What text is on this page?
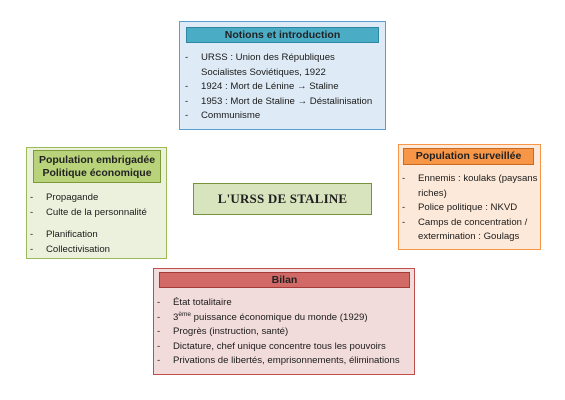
Notions et introduction
- URSS : Union des Républiques Socialistes Soviétiques, 1922
- 1924 : Mort de Lénine → Staline
- 1953 : Mort de Staline → Déstalinisation
- Communisme
Population embrigadée
Politique économique
- Propagande
- Culte de la personnalité
- Planification
- Collectivisation
L'URSS DE STALINE
Population surveillée
- Ennemis : koulaks (paysans riches)
- Police politique : NKVD
- Camps de concentration / extermination : Goulags
Bilan
- État totalitaire
- 3ème puissance économique du monde (1929)
- Progrès (instruction, santé)
- Dictature, chef unique concentre tous les pouvoirs
- Privations de libertés, emprisonnements, éliminations
